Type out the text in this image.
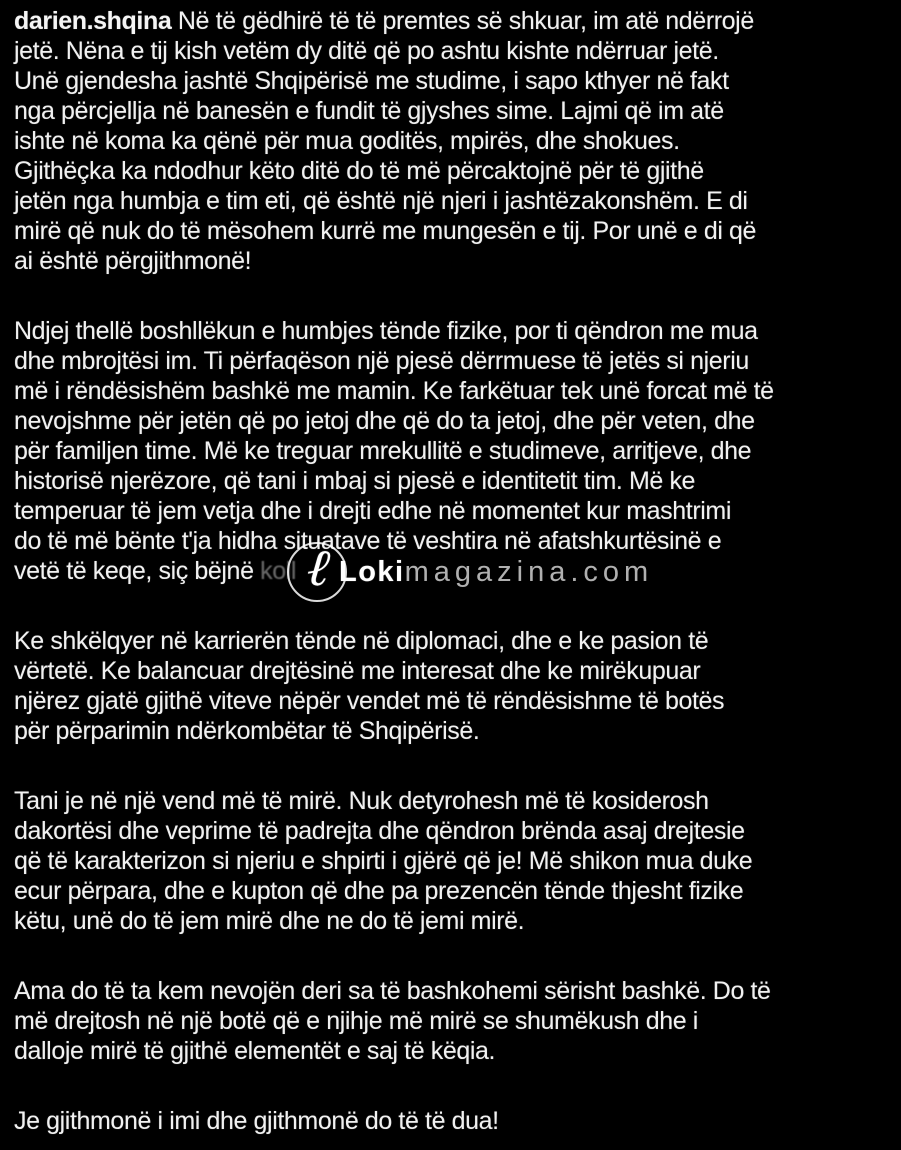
darien.shqina Në të gëdhirë të të premtes së shkuar, im atë ndërrojë
jetë. Nëna e tij kish vetëm dy ditë që po ashtu kishte ndërruar jetë.
Unë gjendesha jashtë Shqipërisë me studime, i sapo kthyer në fakt
nga përcjellja në banesën e fundit të gjyshes sime. Lajmi që im atë
ishte në koma ka qënë për mua goditës, mpirës, dhe shokues.
Gjithëçka ka ndodhur këto ditë do të më përcaktojnë për të gjithë
jetën nga humbja e tim eti, që është një njeri i jashtëzakonshëm. E di
mirë që nuk do të mësohem kurrë me mungesën e tij. Por unë e di që
ai është përgjithmonë!
Ndjej thellë boshllëkun e humbjes tënde fizike, por ti qëndron me mua
dhe mbrojtësi im. Ti përfaqëson një pjesë dërrmuese të jetës si njeriu
më i rëndësishëm bashkë me mamin. Ke farkëtuar tek unë forcat më të
nevojshme për jetën që po jetoj dhe që do ta jetoj, dhe për veten, dhe
për familjen time. Më ke treguar mrekullitë e studimeve, arritjeve, dhe
historisë njerëzore, që tani i mbaj si pjesë e identitetit tim. Më ke
temperuar të jem vetja dhe i drejti edhe në momentet kur mashtrimi
do të më bënte t'ja hidha situatave të veshtira në afatshkurtësinë e
vetë të keqe, siç bëjnë koll
Ke shkëlqyer në karrierën tënde në diplomaci, dhe e ke pasion të
vërtetë. Ke balancuar drejtësinë me interesat dhe ke mirëkupuar
njërez gjatë gjithë viteve nëpër vendet më të rëndësishme të botës
për përparimin ndërkombëtar të Shqipërisë.
Tani je në një vend më të mirë. Nuk detyrohesh më të kosiderosh
dakortësi dhe veprime të padrejta dhe qëndron brënda asaj drejtesie
që të karakterizon si njeriu e shpirti i gjërë që je! Më shikon mua duke
ecur përpara, dhe e kupton që dhe pa prezencën tënde thjesht fizike
këtu, unë do të jem mirë dhe ne do të jemi mirë.
Ama do të ta kem nevojën deri sa të bashkohemi sërisht bashkë. Do të
më drejtosh në një botë që e njihje më mirë se shumëkush dhe i
dalloje mirë të gjithë elementët e saj të këqia.
Je gjithmonë i imi dhe gjithmonë do të të dua!
ℓ Lokimagazina.com
